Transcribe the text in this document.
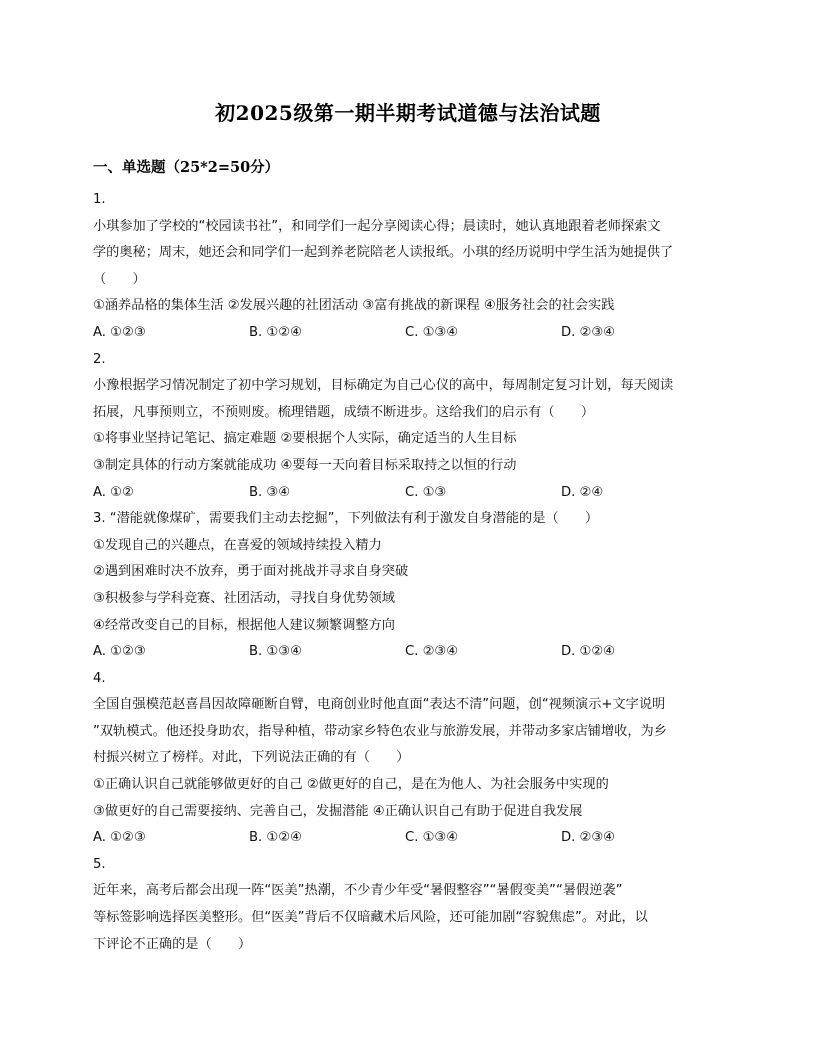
初2025级第一期半期考试道德与法治试题
一、单选题（25*2=50分）
1.
小琪参加了学校的“校园读书社”，和同学们一起分享阅读心得；晨读时，她认真地跟着老师探索文
学的奥秘；周末，她还会和同学们一起到养老院陪老人读报纸。小琪的经历说明中学生活为她提供了
（　　）
①涵养品格的集体生活 ②发展兴趣的社团活动 ③富有挑战的新课程 ④服务社会的社会实践
A. ①②③	B. ①②④	C. ①③④	D. ②③④
2.
小豫根据学习情况制定了初中学习规划，目标确定为自己心仪的高中，每周制定复习计划，每天阅读
拓展，凡事预则立，不预则废。梳理错题，成绩不断进步。这给我们的启示有（　　）
①将事业坚持记笔记、搞定难题 ②要根据个人实际，确定适当的人生目标
③制定具体的行动方案就能成功 ④要每一天向着目标采取持之以恒的行动
A. ①②	B. ③④	C. ①③	D. ②④
3. “潜能就像煤矿，需要我们主动去挖掘”，下列做法有利于激发自身潜能的是（　　）
①发现自己的兴趣点，在喜爱的领域持续投入精力
②遇到困难时决不放弃，勇于面对挑战并寻求自身突破
③积极参与学科竞赛、社团活动，寻找自身优势领域
④经常改变自己的目标，根据他人建议频繁调整方向
A. ①②③	B. ①③④	C. ②③④	D. ①②④
4.
全国自强模范赵喜昌因故障砸断自臂，电商创业时他直面“表达不清”问题，创“视频演示+文字说明
”双轨模式。他还投身助农，指导种植，带动家乡特色农业与旅游发展，并带动多家店铺增收，为乡
村振兴树立了榜样。对此，下列说法正确的有（　　）
①正确认识自己就能够做更好的自己 ②做更好的自己，是在为他人、为社会服务中实现的
③做更好的自己需要接纳、完善自己，发掘潜能 ④正确认识自己有助于促进自我发展
A. ①②③	B. ①②④	C. ①③④	D. ②③④
5.
近年来，高考后都会出现一阵“医美”热潮，不少青少年受“暑假整容”“暑假变美”“暑假逆袭”
等标签影响选择医美整形。但“医美”背后不仅暗藏术后风险，还可能加剧“容貌焦虑”。对此，以
下评论不正确的是（　　）
